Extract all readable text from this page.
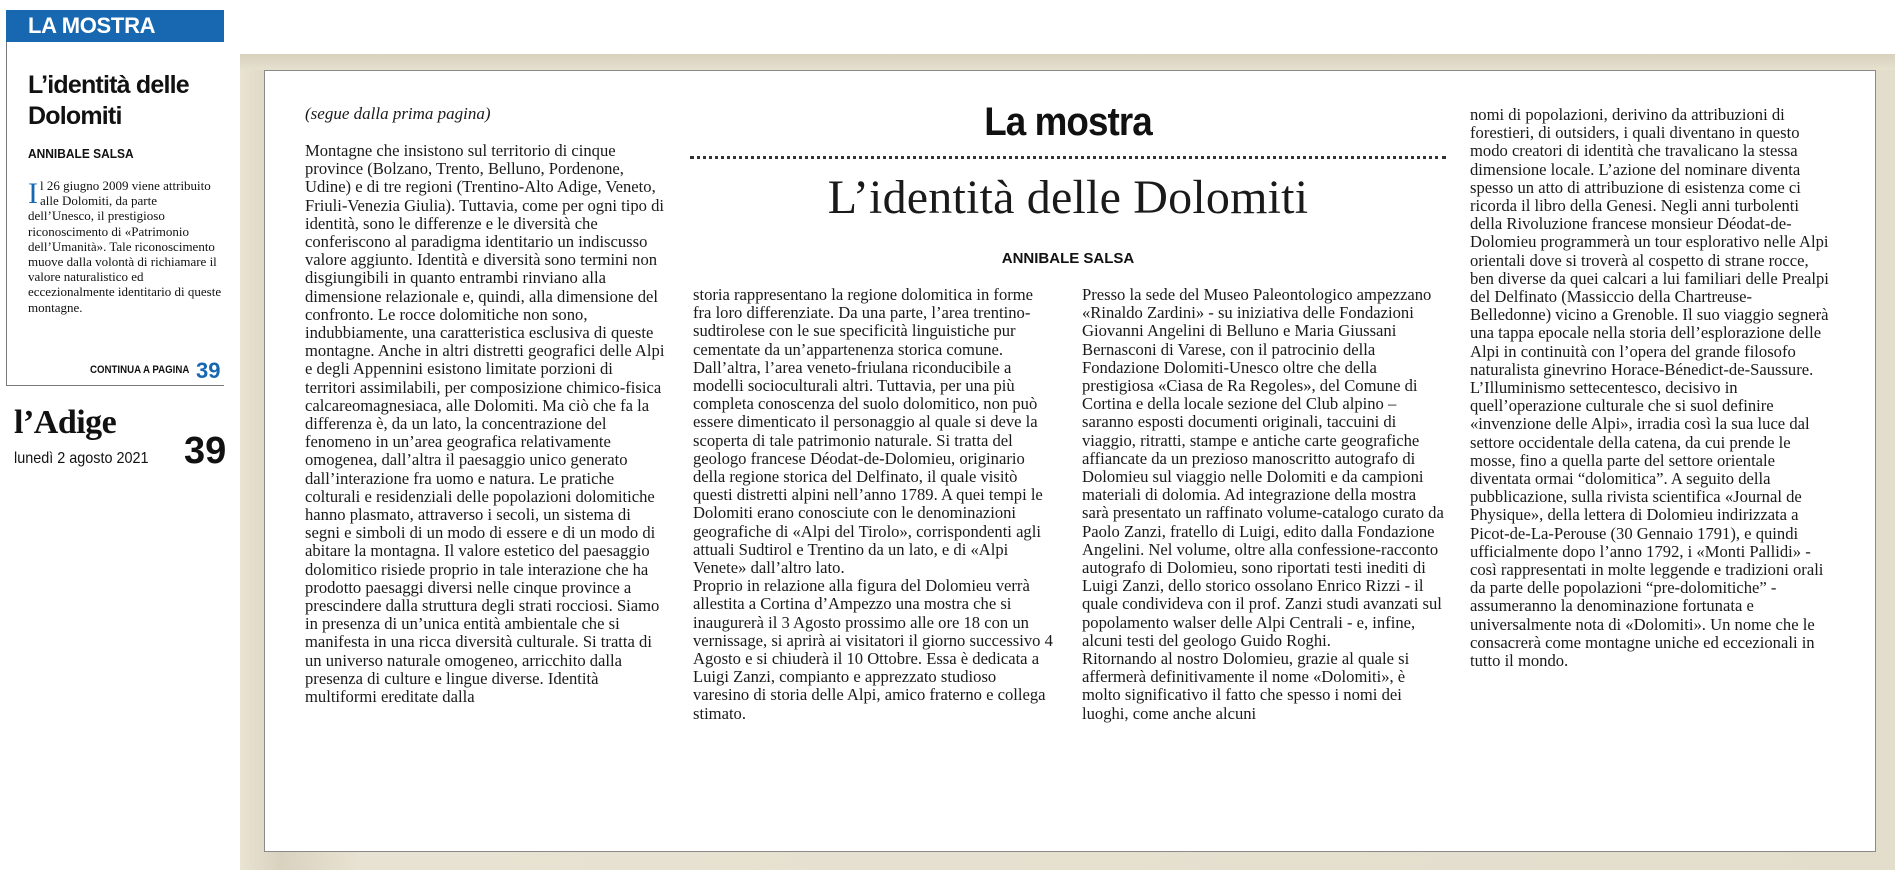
LA MOSTRA
L’identità delle Dolomiti
ANNIBALE SALSA
Il 26 giugno 2009 viene attribuito alle Dolomiti, da parte dell’Unesco, il prestigioso riconoscimento di «Patrimonio dell’Umanità». Tale riconoscimento muove dalla volontà di richiamare il valore naturalistico ed eccezionalmente identitario di queste montagne.
CONTINUA A PAGINA 39
l’Adige
lunedì 2 agosto 2021 39
(segue dalla prima pagina)

Montagne che insistono sul territorio di cinque province (Bolzano, Trento, Belluno, Pordenone, Udine) e di tre regioni (Trentino-Alto Adige, Veneto, Friuli-Venezia Giulia). Tuttavia, come per ogni tipo di identità, sono le differenze e le diversità che conferiscono al paradigma identitario un indiscusso valore aggiunto. Identità e diversità sono termini non disgiungibili in quanto entrambi rinviano alla dimensione relazionale e, quindi, alla dimensione del confronto. Le rocce dolomitiche non sono, indubbiamente, una caratteristica esclusiva di queste montagne. Anche in altri distretti geografici delle Alpi e degli Appennini esistono limitate porzioni di territori assimilabili, per composizione chimico-fisica calcareomagnesiaca, alle Dolomiti. Ma ciò che fa la differenza è, da un lato, la concentrazione del fenomeno in un’area geografica relativamente omogenea, dall’altra il paesaggio unico generato dall’interazione fra uomo e natura. Le pratiche colturali e residenziali delle popolazioni dolomitiche hanno plasmato, attraverso i secoli, un sistema di segni e simboli di un modo di essere e di un modo di abitare la montagna. Il valore estetico del paesaggio dolomitico risiede proprio in tale interazione che ha prodotto paesaggi diversi nelle cinque province a prescindere dalla struttura degli strati rocciosi. Siamo in presenza di un’unica entità ambientale che si manifesta in una ricca diversità culturale. Si tratta di un universo naturale omogeneo, arricchito dalla presenza di culture e lingue diverse. Identità multiformi ereditate dalla

La mostra
L’identità delle Dolomiti
ANNIBALE SALSA

storia rappresentano la regione dolomitica in forme fra loro differenziate. Da una parte, l’area trentino-sudtirolese con le sue specificità linguistiche pur cementate da un’appartenenza storica comune. Dall’altra, l’area veneto-friulana riconducibile a modelli socioculturali altri. Tuttavia, per una più completa conoscenza del suolo dolomitico, non può essere dimenticato il personaggio al quale si deve la scoperta di tale patrimonio naturale. Si tratta del geologo francese Déodat-de-Dolomieu, originario della regione storica del Delfinato, il quale visitò questi distretti alpini nell’anno 1789. A quei tempi le Dolomiti erano conosciute con le denominazioni geografiche di «Alpi del Tirolo», corrispondenti agli attuali Sudtirol e Trentino da un lato, e di «Alpi Venete» dall’altro lato.

Proprio in relazione alla figura del Dolomieu verrà allestita a Cortina d’Ampezzo una mostra che si inaugurerà il 3 Agosto prossimo alle ore 18 con un vernissage, si aprirà ai visitatori il giorno successivo 4 Agosto e si chiuderà il 10 Ottobre. Essa è dedicata a Luigi Zanzi, compianto e apprezzato studioso varesino di storia delle Alpi, amico fraterno e collega stimato.

Presso la sede del Museo Paleontologico ampezzano «Rinaldo Zardini» - su iniziativa delle Fondazioni Giovanni Angelini di Belluno e Maria Giussani Bernasconi di Varese, con il patrocinio della Fondazione Dolomiti-Unesco oltre che della prestigiosa «Ciasa de Ra Regoles», del Comune di Cortina e della locale sezione del Club alpino – saranno esposti documenti originali, taccuini di viaggio, ritratti, stampe e antiche carte geografiche affiancate da un prezioso manoscritto autografo di Dolomieu sul viaggio nelle Dolomiti e da campioni materiali di dolomia. Ad integrazione della mostra sarà presentato un raffinato volume-catalogo curato da Paolo Zanzi, fratello di Luigi, edito dalla Fondazione Angelini. Nel volume, oltre alla confessione-racconto autografo di Dolomieu, sono riportati testi inediti di Luigi Zanzi, dello storico ossolano Enrico Rizzi - il quale condivideva con il prof. Zanzi studi avanzati sul popolamento walser delle Alpi Centrali - e, infine, alcuni testi del geologo Guido Roghi.

Ritornando al nostro Dolomieu, grazie al quale si affermerà definitivamente il nome «Dolomiti», è molto significativo il fatto che spesso i nomi dei luoghi, come anche alcuni

nomi di popolazioni, derivino da attribuzioni di forestieri, di outsiders, i quali diventano in questo modo creatori di identità che travalicano la stessa dimensione locale. L’azione del nominare diventa spesso un atto di attribuzione di esistenza come ci ricorda il libro della Genesi. Negli anni turbolenti della Rivoluzione francese monsieur Déodat-de-Dolomieu programmerà un tour esplorativo nelle Alpi orientali dove si troverà al cospetto di strane rocce, ben diverse da quei calcari a lui familiari delle Prealpi del Delfinato (Massiccio della Chartreuse-Belledonne) vicino a Grenoble. Il suo viaggio segnerà una tappa epocale nella storia dell’esplorazione delle Alpi in continuità con l’opera del grande filosofo naturalista ginevrino Horace-Bénedict-de-Saussure. L’Illuminismo settecentesco, decisivo in quell’operazione culturale che si suol definire «invenzione delle Alpi», irradia così la sua luce dal settore occidentale della catena, da cui prende le mosse, fino a quella parte del settore orientale diventata ormai “dolomitica”. A seguito della pubblicazione, sulla rivista scientifica «Journal de Physique», della lettera di Dolomieu indirizzata a Picot-de-La-Perouse (30 Gennaio 1791), e quindi ufficialmente dopo l’anno 1792, i «Monti Pallidi» - così rappresentati in molte leggende e tradizioni orali da parte delle popolazioni “pre-dolomitiche” - assumeranno la denominazione fortunata e universalmente nota di «Dolomiti». Un nome che le consacrerà come montagne uniche ed eccezionali in tutto il mondo.
